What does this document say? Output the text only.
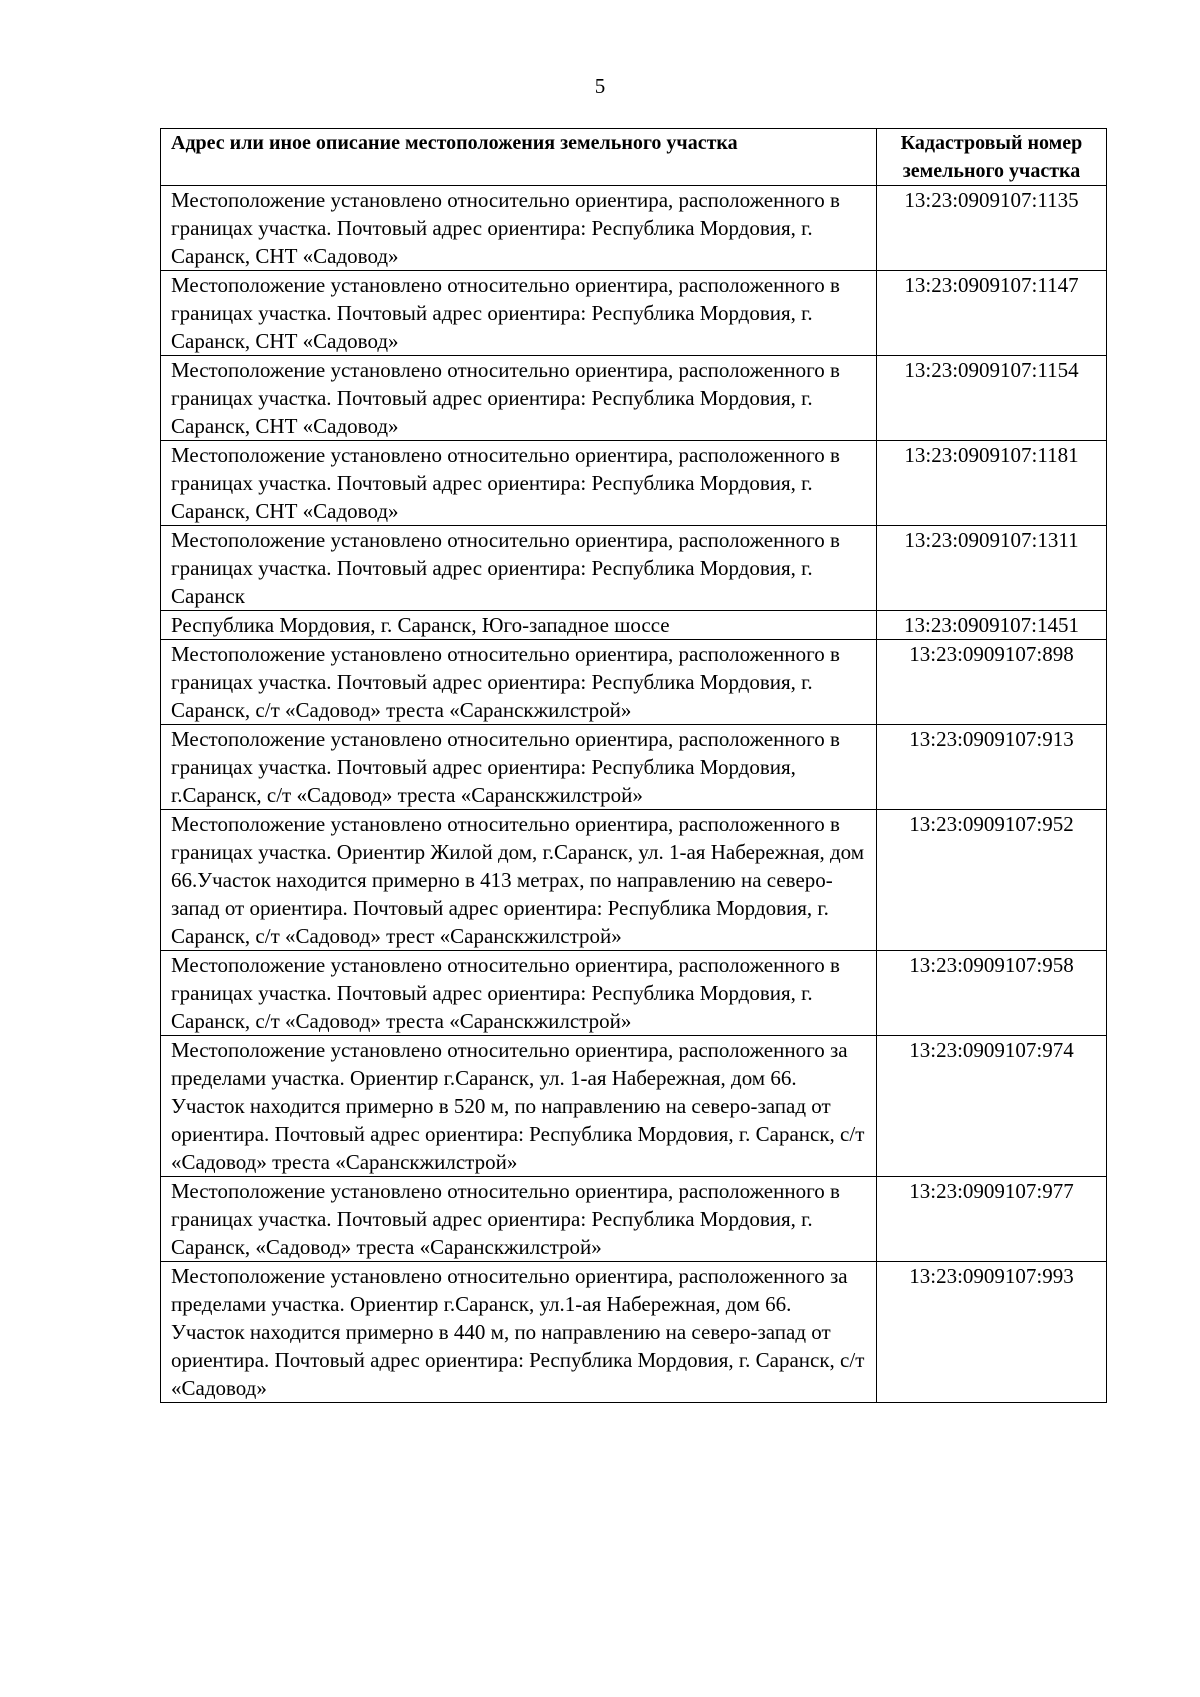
5
Адрес или иное описание местоположения земельного участка	Кадастровый номер земельного участка
Местоположение установлено относительно ориентира, расположенного в границах участка. Почтовый адрес ориентира: Республика Мордовия, г. Саранск, СНТ «Садовод»	13:23:0909107:1135
Местоположение установлено относительно ориентира, расположенного в границах участка. Почтовый адрес ориентира: Республика Мордовия, г. Саранск, СНТ «Садовод»	13:23:0909107:1147
Местоположение установлено относительно ориентира, расположенного в границах участка. Почтовый адрес ориентира: Республика Мордовия, г. Саранск, СНТ «Садовод»	13:23:0909107:1154
Местоположение установлено относительно ориентира, расположенного в границах участка. Почтовый адрес ориентира: Республика Мордовия, г. Саранск, СНТ «Садовод»	13:23:0909107:1181
Местоположение установлено относительно ориентира, расположенного в границах участка. Почтовый адрес ориентира: Республика Мордовия, г. Саранск	13:23:0909107:1311
Республика Мордовия, г. Саранск, Юго-западное шоссе	13:23:0909107:1451
Местоположение установлено относительно ориентира, расположенного в границах участка. Почтовый адрес ориентира: Республика Мордовия, г. Саранск, с/т «Садовод» треста «Саранскжилстрой»	13:23:0909107:898
Местоположение установлено относительно ориентира, расположенного в границах участка. Почтовый адрес ориентира: Республика Мордовия, г.Саранск, с/т «Садовод» треста «Саранскжилстрой»	13:23:0909107:913
Местоположение установлено относительно ориентира, расположенного в границах участка. Ориентир Жилой дом, г.Саранск, ул. 1-ая Набережная, дом 66.Участок находится примерно в 413 метрах, по направлению на северо-запад от ориентира. Почтовый адрес ориентира: Республика Мордовия, г. Саранск, с/т «Садовод» трест «Саранскжилстрой»	13:23:0909107:952
Местоположение установлено относительно ориентира, расположенного в границах участка. Почтовый адрес ориентира: Республика Мордовия, г. Саранск, с/т «Садовод» треста «Саранскжилстрой»	13:23:0909107:958
Местоположение установлено относительно ориентира, расположенного за пределами участка. Ориентир г.Саранск, ул. 1-ая Набережная, дом 66. Участок находится примерно в 520 м, по направлению на северо-запад от ориентира. Почтовый адрес ориентира: Республика Мордовия, г. Саранск, с/т «Садовод» треста «Саранскжилстрой»	13:23:0909107:974
Местоположение установлено относительно ориентира, расположенного в границах участка. Почтовый адрес ориентира: Республика Мордовия, г. Саранск, «Садовод» треста «Саранскжилстрой»	13:23:0909107:977
Местоположение установлено относительно ориентира, расположенного за пределами участка. Ориентир г.Саранск, ул.1-ая Набережная, дом 66. Участок находится примерно в 440 м, по направлению на северо-запад от ориентира. Почтовый адрес ориентира: Республика Мордовия, г. Саранск, с/т «Садовод»	13:23:0909107:993
